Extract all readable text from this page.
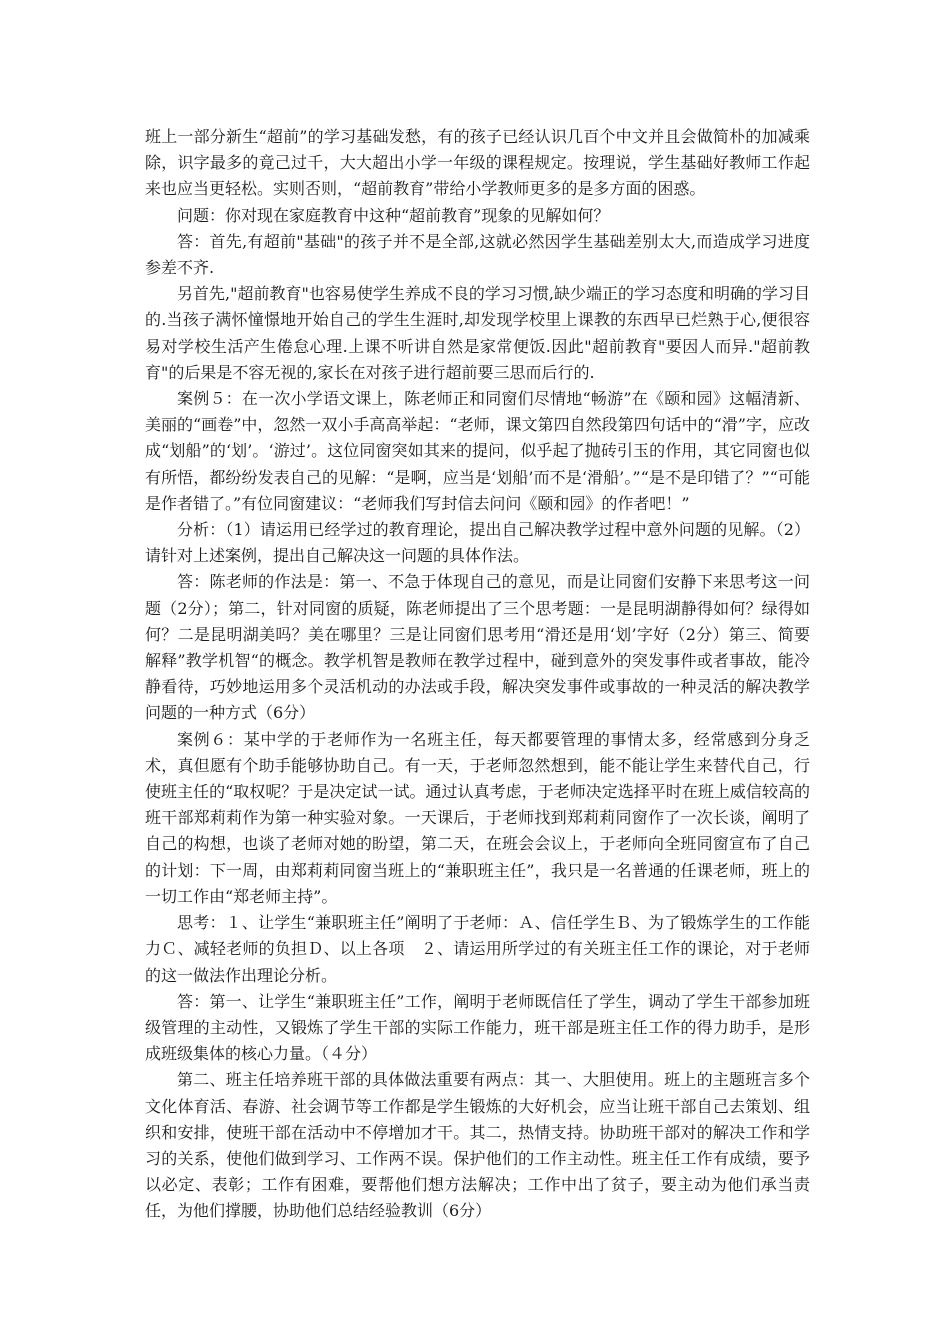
班上一部分新生“超前”的学习基础发愁，有的孩子已经认识几百个中文并且会做简朴的加减乘除，识字最多的竟己过千，大大超出小学一年级的课程规定。按理说，学生基础好教师工作起来也应当更轻松。实则否则，“超前教育”带给小学教师更多的是多方面的困惑。

问题：你对现在家庭教育中这种“超前教育”现象的见解如何？

答：首先,有超前"基础"的孩子并不是全部,这就必然因学生基础差别太大,而造成学习进度参差不齐.

另首先,"超前教育"也容易使学生养成不良的学习习惯,缺少端正的学习态度和明确的学习目的.当孩子满怀憧憬地开始自己的学生生涯时,却发现学校里上课教的东西早已烂熟于心,便很容易对学校生活产生倦怠心理.上课不听讲自然是家常便饭.因此"超前教育"要因人而异."超前教育"的后果是不容无视的,家长在对孩子进行超前要三思而后行的.

案例５：在一次小学语文课上，陈老师正和同窗们尽情地“畅游”在《颐和园》这幅清新、美丽的“画卷”中，忽然一双小手高高举起：“老师，课文第四自然段第四句话中的“滑”字，应改成“划船”的‘划’。‘游过’。这位同窗突如其来的提问，似乎起了抛砖引玉的作用，其它同窗也似有所悟，都纷纷发表自己的见解：“是啊，应当是‘划船’而不是‘滑船’。”“是不是印错了？”“可能是作者错了。”有位同窗建议：“老师我们写封信去问问《颐和园》的作者吧！”

分析：（1）请运用已经学过的教育理论，提出自己解决教学过程中意外问题的见解。（2）请针对上述案例，提出自己解决这一问题的具体作法。

答：陈老师的作法是：第一、不急于体现自己的意见，而是让同窗们安静下来思考这一问题（2分）；第二，针对同窗的质疑，陈老师提出了三个思考题：一是昆明湖静得如何？绿得如何？二是昆明湖美吗？美在哪里？三是让同窗们思考用“滑还是用‘划’字好（2分）第三、简要解释”教学机智“的概念。教学机智是教师在教学过程中，碰到意外的突发事件或者事故，能冷静看待，巧妙地运用多个灵活机动的办法或手段，解决突发事件或事故的一种灵活的解决教学问题的一种方式（6分）

案例６：某中学的于老师作为一名班主任，每天都要管理的事情太多，经常感到分身乏术，真但愿有个助手能够协助自己。有一天，于老师忽然想到，能不能让学生来替代自己，行使班主任的“取权呢？于是决定试一试。通过认真考虑，于老师决定选择平时在班上威信较高的班干部郑莉莉作为第一种实验对象。一天课后，于老师找到郑莉莉同窗作了一次长谈，阐明了自己的构想，也谈了老师对她的盼望，第二天，在班会会议上，于老师向全班同窗宣布了自己的计划：下一周，由郑莉莉同窗当班上的“兼职班主任”，我只是一名普通的任课老师，班上的一切工作由“郑老师主持”。

思考：１、让学生“兼职班主任”阐明了于老师：Ａ、信任学生Ｂ、为了锻炼学生的工作能力Ｃ、减轻老师的负担Ｄ、以上各项　２、请运用所学过的有关班主任工作的课论，对于老师的这一做法作出理论分析。

答：第一、让学生“兼职班主任”工作，阐明于老师既信任了学生，调动了学生干部参加班级管理的主动性，又锻炼了学生干部的实际工作能力，班干部是班主任工作的得力助手，是形成班级集体的核心力量。（４分）

第二、班主任培养班干部的具体做法重要有两点：其一、大胆使用。班上的主题班言多个文化体育活、春游、社会调节等工作都是学生锻炼的大好机会，应当让班干部自己去策划、组织和安排，使班干部在活动中不停增加才干。其二，热情支持。协助班干部对的解决工作和学习的关系，使他们做到学习、工作两不误。保护他们的工作主动性。班主任工作有成绩，要予以必定、表彰；工作有困难，要帮他们想方法解决；工作中出了贫子，要主动为他们承当责任，为他们撑腰，协助他们总结经验教训（6分）
